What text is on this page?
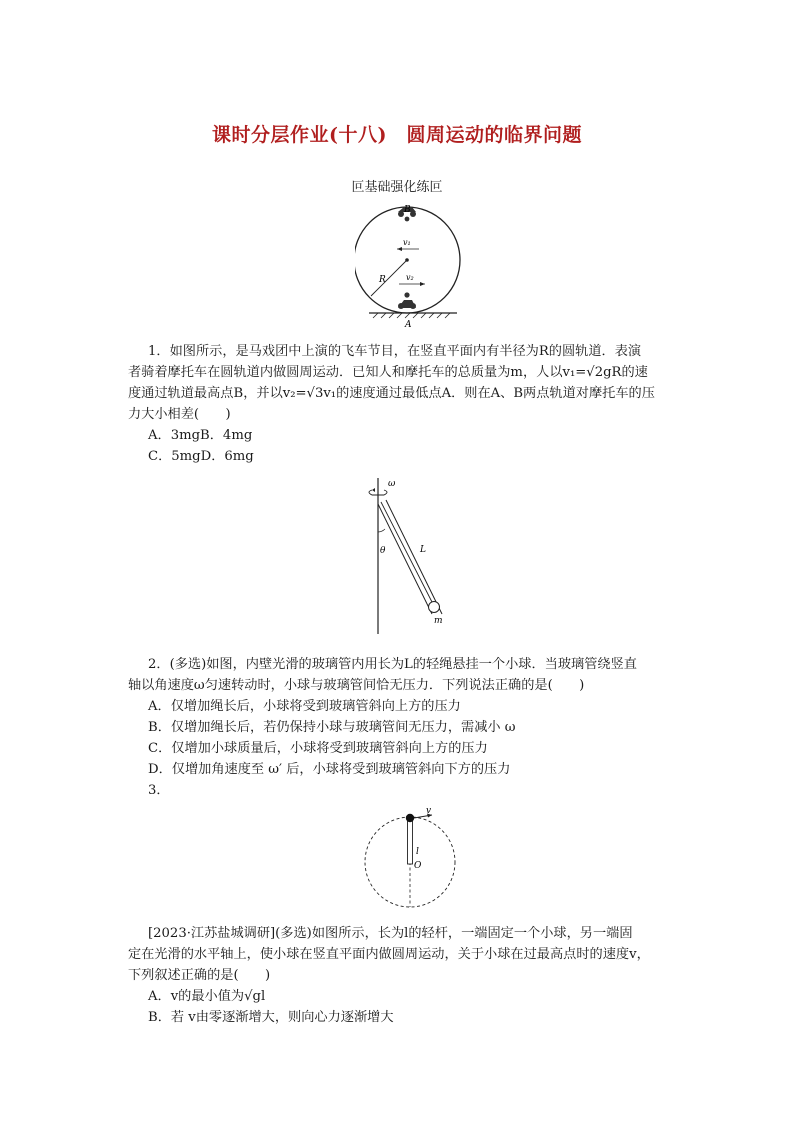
课时分层作业(十八)　圆周运动的临界问题
叵基础强化练叵
B
A
v₁
v₂
R
1．如图所示，是马戏团中上演的飞车节目，在竖直平面内有半径为R的圆轨道．表演
者骑着摩托车在圆轨道内做圆周运动．已知人和摩托车的总质量为m，人以v₁=√2gR的速
度通过轨道最高点B，并以v₂=√3v₁的速度通过最低点A．则在A、B两点轨道对摩托车的压
力大小相差(　　)
A．3mgB．4mg
C．5mgD．6mg
ω
θ	L
m
2．(多选)如图，内壁光滑的玻璃管内用长为L的轻绳悬挂一个小球．当玻璃管绕竖直
轴以角速度ω匀速转动时，小球与玻璃管间恰无压力．下列说法正确的是(　　)
A．仅增加绳长后，小球将受到玻璃管斜向上方的压力
B．仅增加绳长后，若仍保持小球与玻璃管间无压力，需减小 ω
C．仅增加小球质量后，小球将受到玻璃管斜向上方的压力
D．仅增加角速度至 ω′ 后，小球将受到玻璃管斜向下方的压力
3．
v
l
O
[2023·江苏盐城调研](多选)如图所示，长为l的轻杆，一端固定一个小球，另一端固
定在光滑的水平轴上，使小球在竖直平面内做圆周运动，关于小球在过最高点时的速度v，
下列叙述正确的是(　　)
A．v的最小值为√gl
B．若 v由零逐渐增大，则向心力逐渐增大
